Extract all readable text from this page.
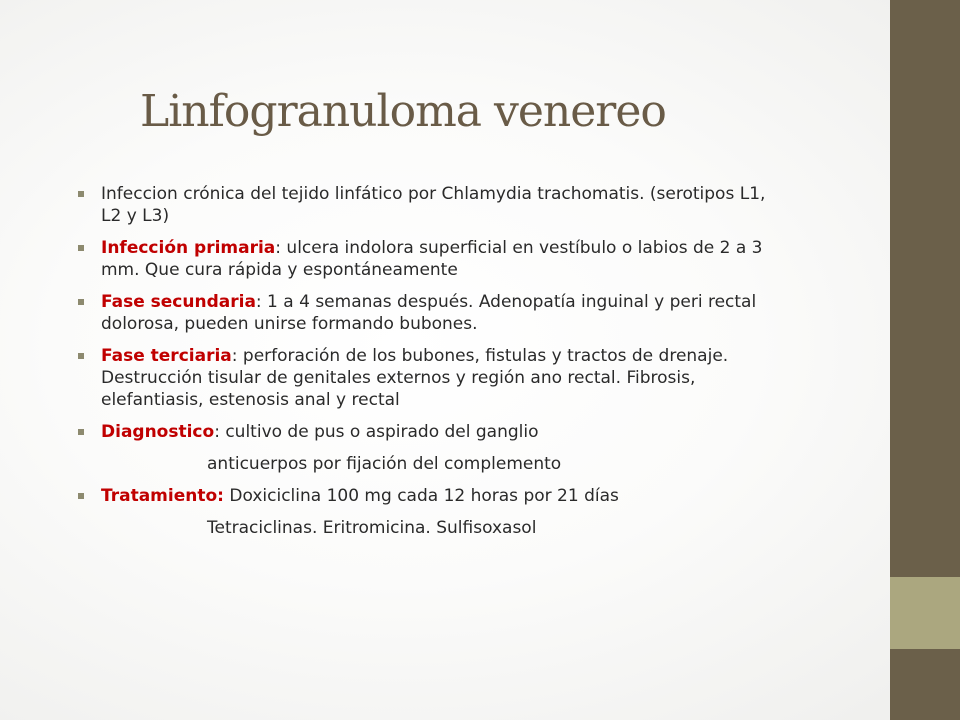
Linfogranuloma venereo
Infeccion crónica del tejido linfático por Chlamydia trachomatis. (serotipos L1,
L2 y L3)
Infección primaria: ulcera indolora superficial en vestíbulo o labios de 2 a 3
mm. Que cura rápida y espontáneamente
Fase secundaria: 1 a 4 semanas después. Adenopatía inguinal y peri rectal
dolorosa, pueden unirse formando bubones.
Fase terciaria: perforación de los bubones, fistulas y tractos de drenaje.
Destrucción tisular de genitales externos y región ano rectal. Fibrosis,
elefantiasis, estenosis anal y rectal
Diagnostico: cultivo de pus o aspirado del ganglio
anticuerpos por fijación del complemento
Tratamiento: Doxiciclina 100 mg cada 12 horas por 21 días
Tetraciclinas. Eritromicina. Sulfisoxasol
